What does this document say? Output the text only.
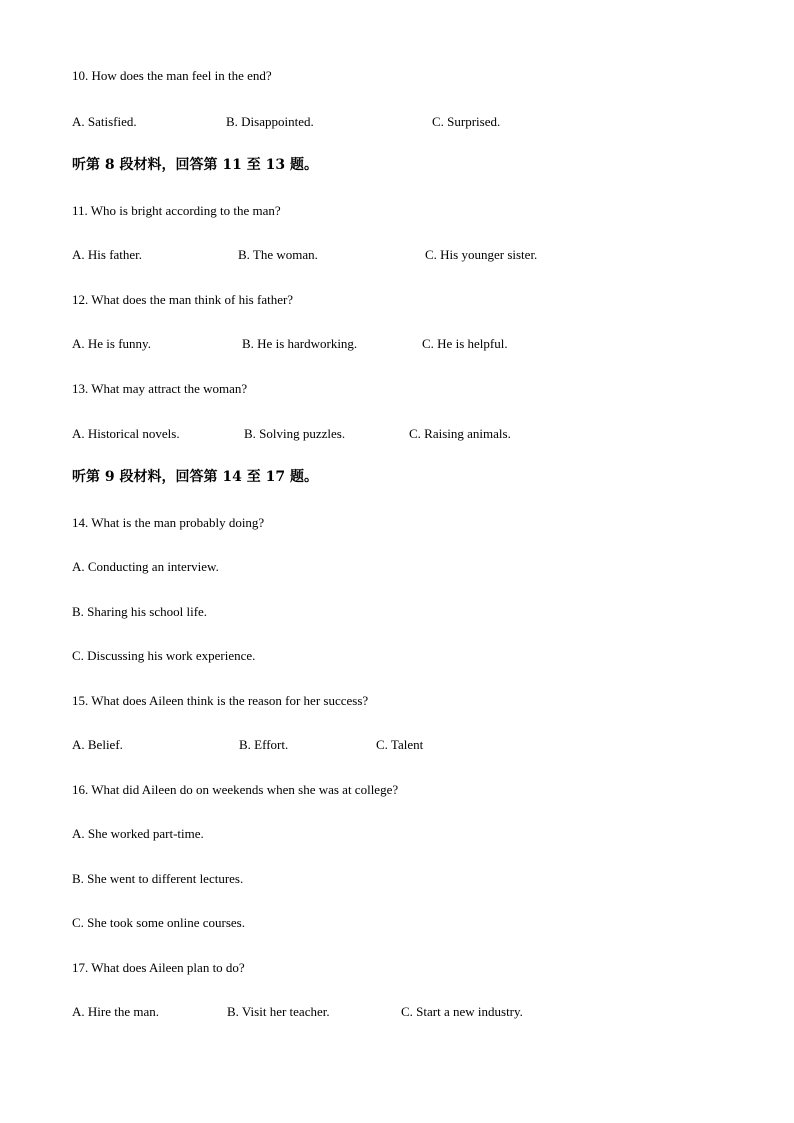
10. How does the man feel in the end?
A. Satisfied.	B. Disappointed.	C. Surprised.
听第 8 段材料，回答第 11 至 13 题。
11. Who is bright according to the man?
A. His father.	B. The woman.	C. His younger sister.
12. What does the man think of his father?
A. He is funny.	B. He is hardworking.	C. He is helpful.
13. What may attract the woman?
A. Historical novels.	B. Solving puzzles.	C. Raising animals.
听第 9 段材料，回答第 14 至 17 题。
14. What is the man probably doing?
A. Conducting an interview.
B. Sharing his school life.
C. Discussing his work experience.
15. What does Aileen think is the reason for her success?
A. Belief.	B. Effort.	C. Talent
16. What did Aileen do on weekends when she was at college?
A. She worked part-time.
B. She went to different lectures.
C. She took some online courses.
17. What does Aileen plan to do?
A. Hire the man.	B. Visit her teacher.	C. Start a new industry.
